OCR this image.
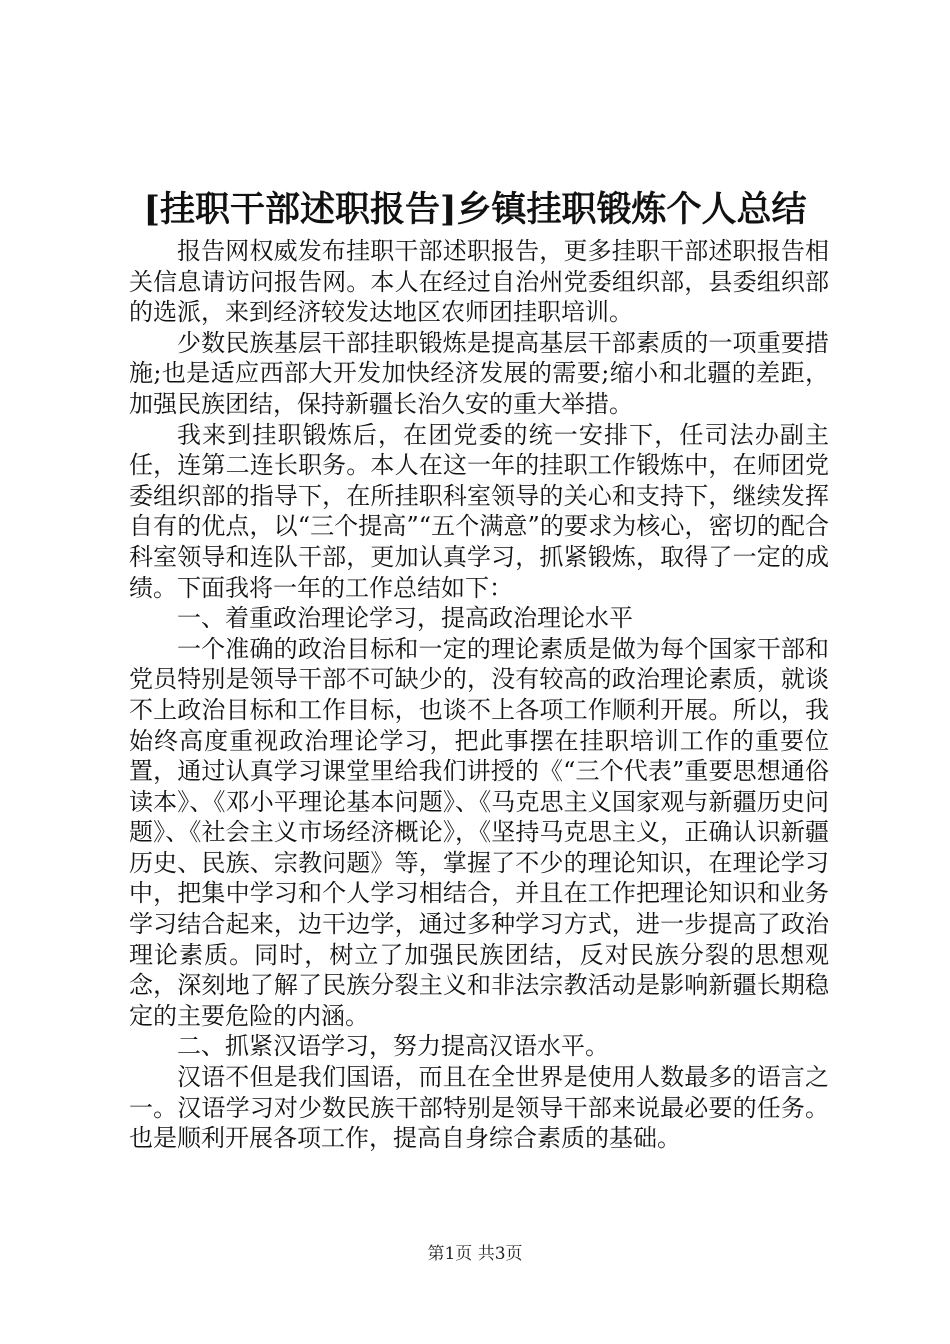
[挂职干部述职报告]乡镇挂职锻炼个人总结

报告网权威发布挂职干部述职报告，更多挂职干部述职报告相关信息请访问报告网。本人在经过自治州党委组织部，县委组织部的选派，来到经济较发达地区农师团挂职培训。

少数民族基层干部挂职锻炼是提高基层干部素质的一项重要措施;也是适应西部大开发加快经济发展的需要;缩小和北疆的差距，加强民族团结，保持新疆长治久安的重大举措。

我来到挂职锻炼后，在团党委的统一安排下，任司法办副主任，连第二连长职务。本人在这一年的挂职工作锻炼中，在师团党委组织部的指导下，在所挂职科室领导的关心和支持下，继续发挥自有的优点，以“三个提高”“五个满意”的要求为核心，密切的配合科室领导和连队干部，更加认真学习，抓紧锻炼，取得了一定的成绩。下面我将一年的工作总结如下：

一、着重政治理论学习，提高政治理论水平

一个准确的政治目标和一定的理论素质是做为每个国家干部和党员特别是领导干部不可缺少的，没有较高的政治理论素质，就谈不上政治目标和工作目标，也谈不上各项工作顺利开展。所以，我始终高度重视政治理论学习，把此事摆在挂职培训工作的重要位置，通过认真学习课堂里给我们讲授的《“三个代表”重要思想通俗读本》、《邓小平理论基本问题》、《马克思主义国家观与新疆历史问题》、《社会主义市场经济概论》，《坚持马克思主义，正确认识新疆历史、民族、宗教问题》等，掌握了不少的理论知识，在理论学习中，把集中学习和个人学习相结合，并且在工作把理论知识和业务学习结合起来，边干边学，通过多种学习方式，进一步提高了政治理论素质。同时，树立了加强民族团结，反对民族分裂的思想观念，深刻地了解了民族分裂主义和非法宗教活动是影响新疆长期稳定的主要危险的内涵。

二、抓紧汉语学习，努力提高汉语水平。

汉语不但是我们国语，而且在全世界是使用人数最多的语言之一。汉语学习对少数民族干部特别是领导干部来说最必要的任务。也是顺利开展各项工作，提高自身综合素质的基础。

第1页 共3页
